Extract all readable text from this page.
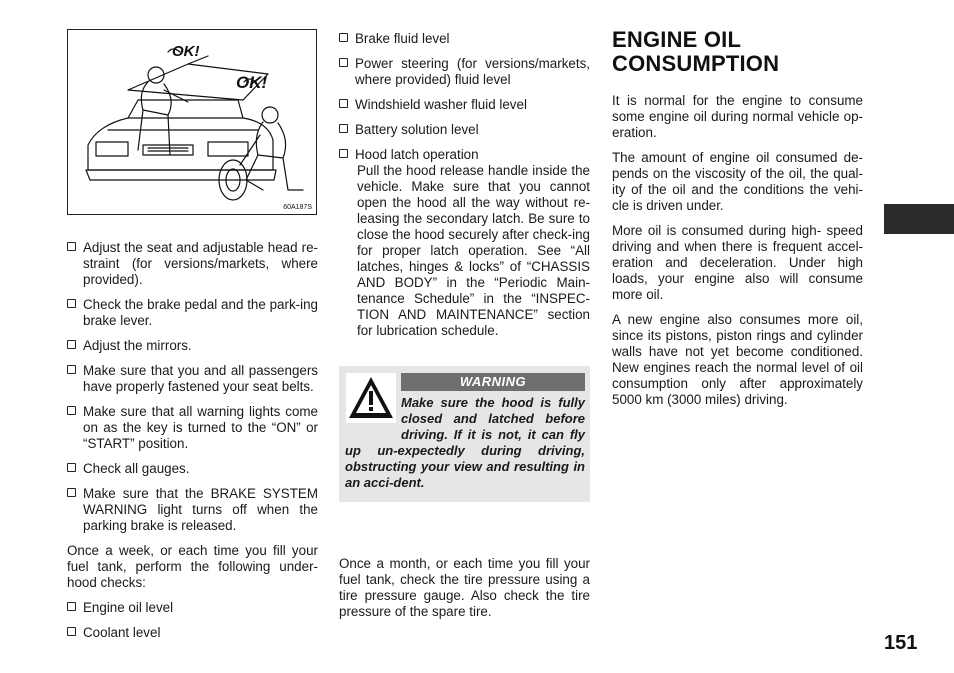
OK!
OK!
60A187S
Adjust the seat and adjustable head re-straint (for versions/markets, where provided).
Check the brake pedal and the park-ing brake lever.
Adjust the mirrors.
Make sure that you and all passengers have properly fastened your seat belts.
Make sure that all warning lights come on as the key is turned to the “ON” or “START” position.
Check all gauges.
Make sure that the BRAKE SYSTEM WARNING light turns off when the parking brake is released.

Once a week, or each time you fill your fuel tank, perform the following under-hood checks:

Engine oil level
Coolant level
Brake fluid level
Power steering (for versions/markets, where provided) fluid level
Windshield washer fluid level
Battery solution level
Hood latch operation

Pull the hood release handle inside the vehicle. Make sure that you cannot open the hood all the way without re-leasing the secondary latch. Be sure to close the hood securely after check-ing for proper latch operation. See “All latches, hinges & locks” of “CHASSIS AND BODY” in the “Periodic Main-tenance Schedule” in the “INSPEC-TION AND MAINTENANCE” section for lubrication schedule.

WARNING

Make sure the hood is fully closed and latched before driving. If it is not, it can fly up un-expectedly during driving, obstructing your view and resulting in an acci-dent.

Once a month, or each time you fill your fuel tank, check the tire pressure using a tire pressure gauge. Also check the tire pressure of the spare tire.

ENGINE OIL
CONSUMPTION

It is normal for the engine to consume some engine oil during normal vehicle op-eration.

The amount of engine oil consumed de-pends on the viscosity of the oil, the qual-ity of the oil and the conditions the vehi-cle is driven under.

More oil is consumed during high- speed driving and when there is frequent accel-eration and deceleration. Under high loads, your engine also will consume more oil.

A new engine also consumes more oil, since its pistons, piston rings and cylinder walls have not yet become conditioned. New engines reach the normal level of oil consumption only after approximately 5000 km (3000 miles) driving.

151
